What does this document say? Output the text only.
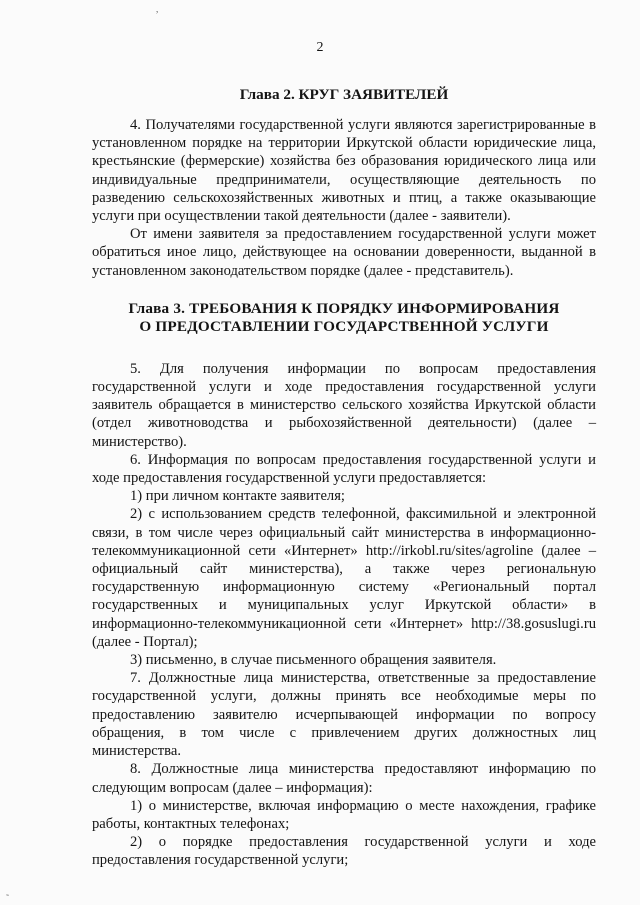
2
Глава 2. КРУГ ЗАЯВИТЕЛЕЙ

4. Получателями государственной услуги являются зарегистрированные в установленном порядке на территории Иркутской области юридические лица, крестьянские (фермерские) хозяйства без образования юридического лица или индивидуальные предприниматели, осуществляющие деятельность по разведению сельскохозяйственных животных и птиц, а также оказывающие услуги при осуществлении такой деятельности (далее - заявители).

От имени заявителя за предоставлением государственной услуги может обратиться иное лицо, действующее на основании доверенности, выданной в установленном законодательством порядке (далее - представитель).

Глава 3. ТРЕБОВАНИЯ К ПОРЯДКУ ИНФОРМИРОВАНИЯ
О ПРЕДОСТАВЛЕНИИ ГОСУДАРСТВЕННОЙ УСЛУГИ

5. Для получения информации по вопросам предоставления государственной услуги и ходе предоставления государственной услуги заявитель обращается в министерство сельского хозяйства Иркутской области (отдел животноводства и рыбохозяйственной деятельности) (далее – министерство).

6. Информация по вопросам предоставления государственной услуги и ходе предоставления государственной услуги предоставляется:

1) при личном контакте заявителя;

2) с использованием средств телефонной, факсимильной и электронной связи, в том числе через официальный сайт министерства в информационно-телекоммуникационной сети «Интернет» http://irkobl.ru/sites/agroline (далее – официальный сайт министерства), а также через региональную государственную информационную систему «Региональный портал государственных и муниципальных услуг Иркутской области» в информационно-телекоммуникационной сети «Интернет» http://38.gosuslugi.ru (далее - Портал);

3) письменно, в случае письменного обращения заявителя.

7. Должностные лица министерства, ответственные за предоставление государственной услуги, должны принять все необходимые меры по предоставлению заявителю исчерпывающей информации по вопросу обращения, в том числе с привлечением других должностных лиц министерства.

8. Должностные лица министерства предоставляют информацию по следующим вопросам (далее – информация):

1) о министерстве, включая информацию о месте нахождения, графике работы, контактных телефонах;

2) о порядке предоставления государственной услуги и ходе предоставления государственной услуги;

,
˜
